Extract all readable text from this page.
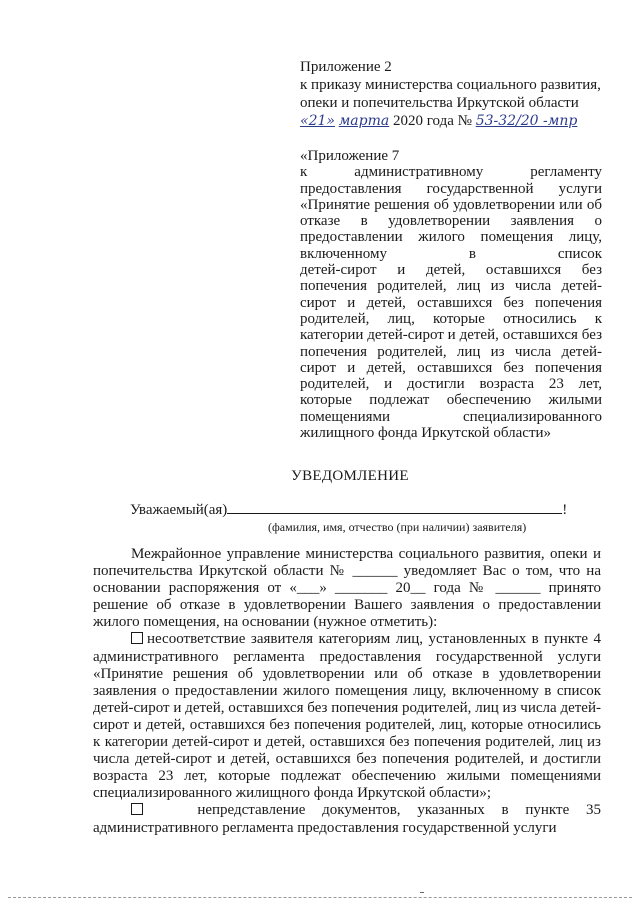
Приложение 2
к приказу министерства социального развития,
опеки и попечительства Иркутской области
«21» марта 2020 года № 53-32/20 -мпр
«Приложение 7
к административному регламенту
предоставления государственной услуги
«Принятие решения об удовлетворении или об
отказе в удовлетворении заявления о
предоставлении жилого помещения лицу,
включенному в список
детей-сирот и детей, оставшихся без
попечения родителей, лиц из числа детей-
сирот и детей, оставшихся без попечения
родителей, лиц, которые относились к
категории детей-сирот и детей, оставшихся без
попечения родителей, лиц из числа детей-
сирот и детей, оставшихся без попечения
родителей, и достигли возраста 23 лет,
которые подлежат обеспечению жилыми
помещениями специализированного
жилищного фонда Иркутской области»
УВЕДОМЛЕНИЕ
Уважаемый(ая)	!
(фамилия, имя, отчество (при наличии) заявителя)

Межрайонное управление министерства социального развития, опеки и попечительства Иркутской области № ______ уведомляет Вас о том, что на основании распоряжения от «___» _______ 20__ года № ______ принято решение об отказе в удовлетворении Вашего заявления о предоставлении жилого помещения, на основании (нужное отметить):

несоответствие заявителя категориям лиц, установленных в пункте 4 административного регламента предоставления государственной услуги «Принятие решения об удовлетворении или об отказе в удовлетворении заявления о предоставлении жилого помещения лицу, включенному в список детей-сирот и детей, оставшихся без попечения родителей, лиц из числа детей-сирот и детей, оставшихся без попечения родителей, лиц, которые относились к категории детей-сирот и детей, оставшихся без попечения родителей, лиц из числа детей-сирот и детей, оставшихся без попечения родителей, и достигли возраста 23 лет, которые подлежат обеспечению жилыми помещениями специализированного жилищного фонда Иркутской области»;

непредставление документов, указанных в пункте 35 административного регламента предоставления государственной услуги
